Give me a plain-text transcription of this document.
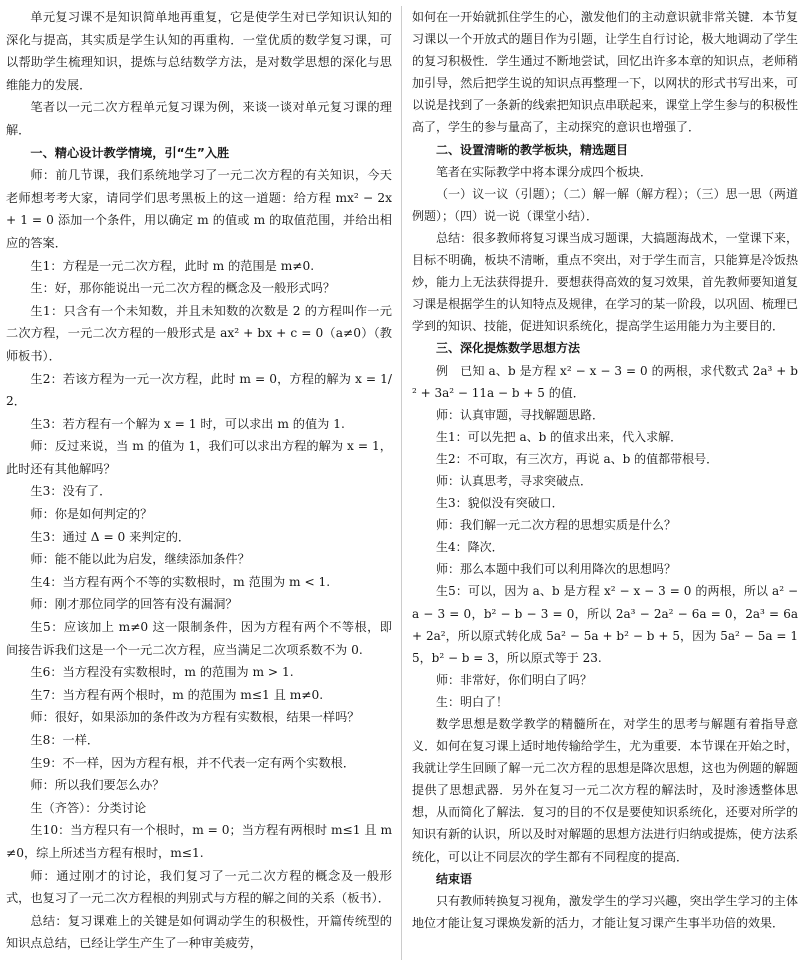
单元复习课不是知识简单地再重复，它是使学生对已学知识认知的深化与提高，其实质是学生认知的再重构．一堂优质的数学复习课，可以帮助学生梳理知识，提炼与总结数学方法，是对数学思想的深化与思维能力的发展．

笔者以一元二次方程单元复习课为例，来谈一谈对单元复习课的理解．

一、精心设计教学情境，引“生”入胜

师：前几节课，我们系统地学习了一元二次方程的有关知识，今天老师想考考大家，请同学们思考黑板上的这一道题：给方程 mx² − 2x + 1 = 0 添加一个条件，用以确定 m 的值或 m 的取值范围，并给出相应的答案．

生1：方程是一元二次方程，此时 m 的范围是 m≠0.

生：好，那你能说出一元二次方程的概念及一般形式吗？

生1：只含有一个未知数，并且未知数的次数是 2 的方程叫作一元二次方程，一元二次方程的一般形式是 ax² + bx + c = 0（a≠0）（教师板书）．

生2：若该方程为一元一次方程，此时 m = 0，方程的解为 x = 1/2．

生3：若方程有一个解为 x = 1 时，可以求出 m 的值为 1.

师：反过来说，当 m 的值为 1，我们可以求出方程的解为 x = 1，此时还有其他解吗？

生3：没有了．

师：你是如何判定的？

生3：通过 Δ = 0 来判定的．

师：能不能以此为启发，继续添加条件？

生4：当方程有两个不等的实数根时，m 范围为 m < 1.

师：刚才那位同学的回答有没有漏洞？

生5：应该加上 m≠0 这一限制条件，因为方程有两个不等根，即间接告诉我们这是一个一元二次方程，应当满足二次项系数不为 0.

生6：当方程没有实数根时，m 的范围为 m > 1.

生7：当方程有两个根时，m 的范围为 m≤1 且 m≠0.

师：很好，如果添加的条件改为方程有实数根，结果一样吗？

生8：一样．

生9：不一样，因为方程有根，并不代表一定有两个实数根．

师：所以我们要怎么办？

生（齐答）：分类讨论

生10：当方程只有一个根时，m = 0；当方程有两根时 m≤1 且 m≠0，综上所述当方程有根时，m≤1.

师：通过刚才的讨论，我们复习了一元二次方程的概念及一般形式，也复习了一元二次方程根的判别式与方程的解之间的关系（板书）．

总结：复习课难上的关键是如何调动学生的积极性，开篇传统型的知识点总结，已经让学生产生了一种审美疲劳，

如何在一开始就抓住学生的心，激发他们的主动意识就非常关键．本节复习课以一个开放式的题目作为引题，让学生自行讨论，极大地调动了学生的复习积极性．学生通过不断地尝试，回忆出许多本章的知识点，老师稍加引导，然后把学生说的知识点再整理一下，以网状的形式书写出来，可以说是找到了一条新的线索把知识点串联起来，课堂上学生参与的积极性高了，学生的参与量高了，主动探究的意识也增强了．

二、设置清晰的教学板块，精选题目

笔者在实际教学中将本课分成四个板块．

（一）议一议（引题）；（二）解一解（解方程）；（三）思一思（两道例题）；（四）说一说（课堂小结）．

总结：很多教师将复习课当成习题课，大搞题海战术，一堂课下来，目标不明确，板块不清晰，重点不突出，对于学生而言，只能算是冷饭热炒，能力上无法获得提升．要想获得高效的复习效果，首先教师要知道复习课是根据学生的认知特点及规律，在学习的某一阶段，以巩固、梳理已学到的知识、技能，促进知识系统化，提高学生运用能力为主要目的．

三、深化提炼数学思想方法

例　已知 a、b 是方程 x² − x − 3 = 0 的两根，求代数式 2a³ + b² + 3a² − 11a − b + 5 的值．

师：认真审题，寻找解题思路．

生1：可以先把 a、b 的值求出来，代入求解．

生2：不可取，有三次方，再说 a、b 的值都带根号．

师：认真思考，寻求突破点．

生3：貌似没有突破口．

师：我们解一元二次方程的思想实质是什么？

生4：降次．

师：那么本题中我们可以利用降次的思想吗？

生5：可以，因为 a、b 是方程 x² − x − 3 = 0 的两根，所以 a² − a − 3 = 0，b² − b − 3 = 0，所以 2a³ − 2a² − 6a = 0，2a³ = 6a + 2a²，所以原式转化成 5a² − 5a + b² − b + 5，因为 5a² − 5a = 15，b² − b = 3，所以原式等于 23.

师：非常好，你们明白了吗？

生：明白了！

数学思想是数学教学的精髓所在，对学生的思考与解题有着指导意义．如何在复习课上适时地传输给学生，尤为重要．本节课在开始之时，我就让学生回顾了解一元二次方程的思想是降次思想，这也为例题的解题提供了思想武器．另外在复习一元二次方程的解法时，及时渗透整体思想，从而简化了解法．复习的目的不仅是要使知识系统化，还要对所学的知识有新的认识，所以及时对解题的思想方法进行归纳或提炼，使方法系统化，可以让不同层次的学生都有不同程度的提高．

结束语

只有教师转换复习视角，激发学生的学习兴趣，突出学生学习的主体地位才能让复习课焕发新的活力，才能让复习课产生事半功倍的效果．
